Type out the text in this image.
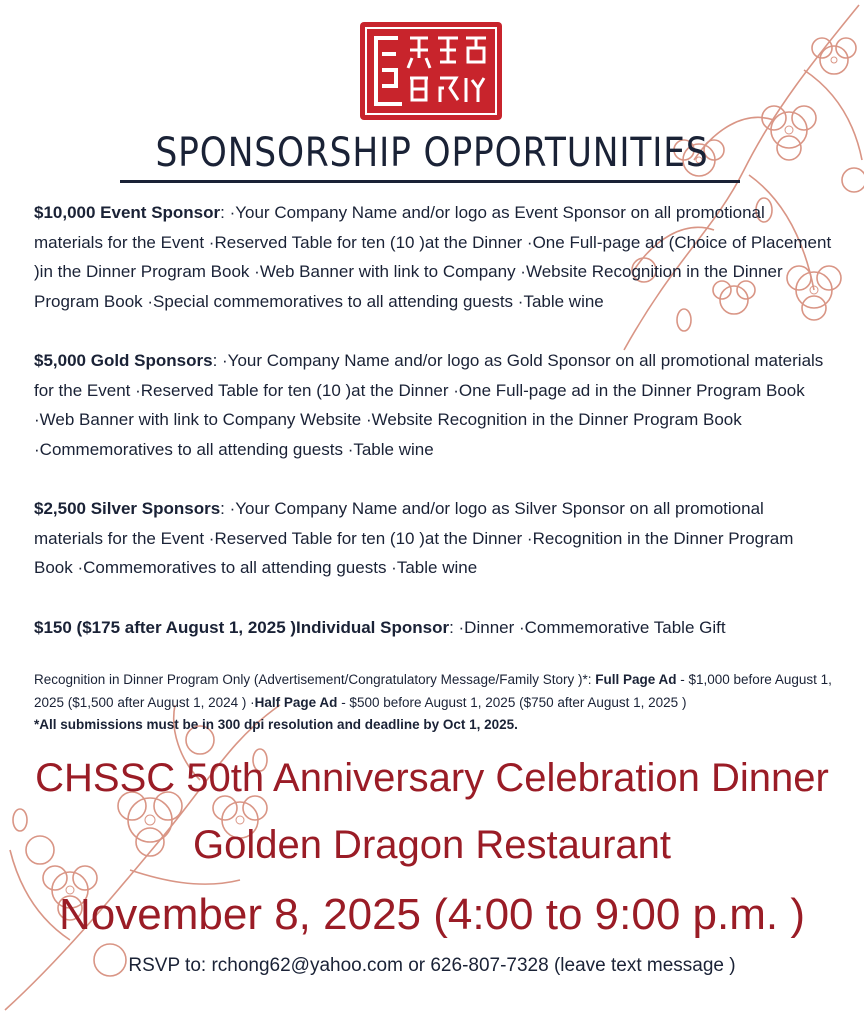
SPONSORSHIP OPPORTUNITIES

$10,000 Event Sponsor: ·Your Company Name and/or logo as Event Sponsor on all promotional materials for the Event ·Reserved Table for ten (10 )at the Dinner ·One Full-page ad (Choice of Placement )in the Dinner Program Book ·Web Banner with link to Company ·Website Recognition in the Dinner Program Book ·Special commemoratives to all attending guests ·Table wine

$5,000 Gold Sponsors: ·Your Company Name and/or logo as Gold Sponsor on all promotional materials for the Event ·Reserved Table for ten (10 )at the Dinner ·One Full-page ad in the Dinner Program Book ·Web Banner with link to Company Website ·Website Recognition in the Dinner Program Book ·Commemoratives to all attending guests ·Table wine

$2,500 Silver Sponsors: ·Your Company Name and/or logo as Silver Sponsor on all promotional materials for the Event ·Reserved Table for ten (10 )at the Dinner ·Recognition in the Dinner Program Book ·Commemoratives to all attending guests ·Table wine

$150 ($175 after August 1, 2025 )Individual Sponsor: ·Dinner ·Commemorative Table Gift

Recognition in Dinner Program Only (Advertisement/Congratulatory Message/Family Story )*: Full Page Ad - $1,000 before August 1, 2025 ($1,500 after August 1, 2024 ) ·Half Page Ad - $500 before August 1, 2025 ($750 after August 1, 2025 )

*All submissions must be in 300 dpi resolution and deadline by Oct 1, 2025.

CHSSC 50th Anniversary Celebration Dinner
Golden Dragon Restaurant
November 8, 2025 (4:00 to 9:00 p.m. )
RSVP to: rchong62@yahoo.com or 626-807-7328 (leave text message )
